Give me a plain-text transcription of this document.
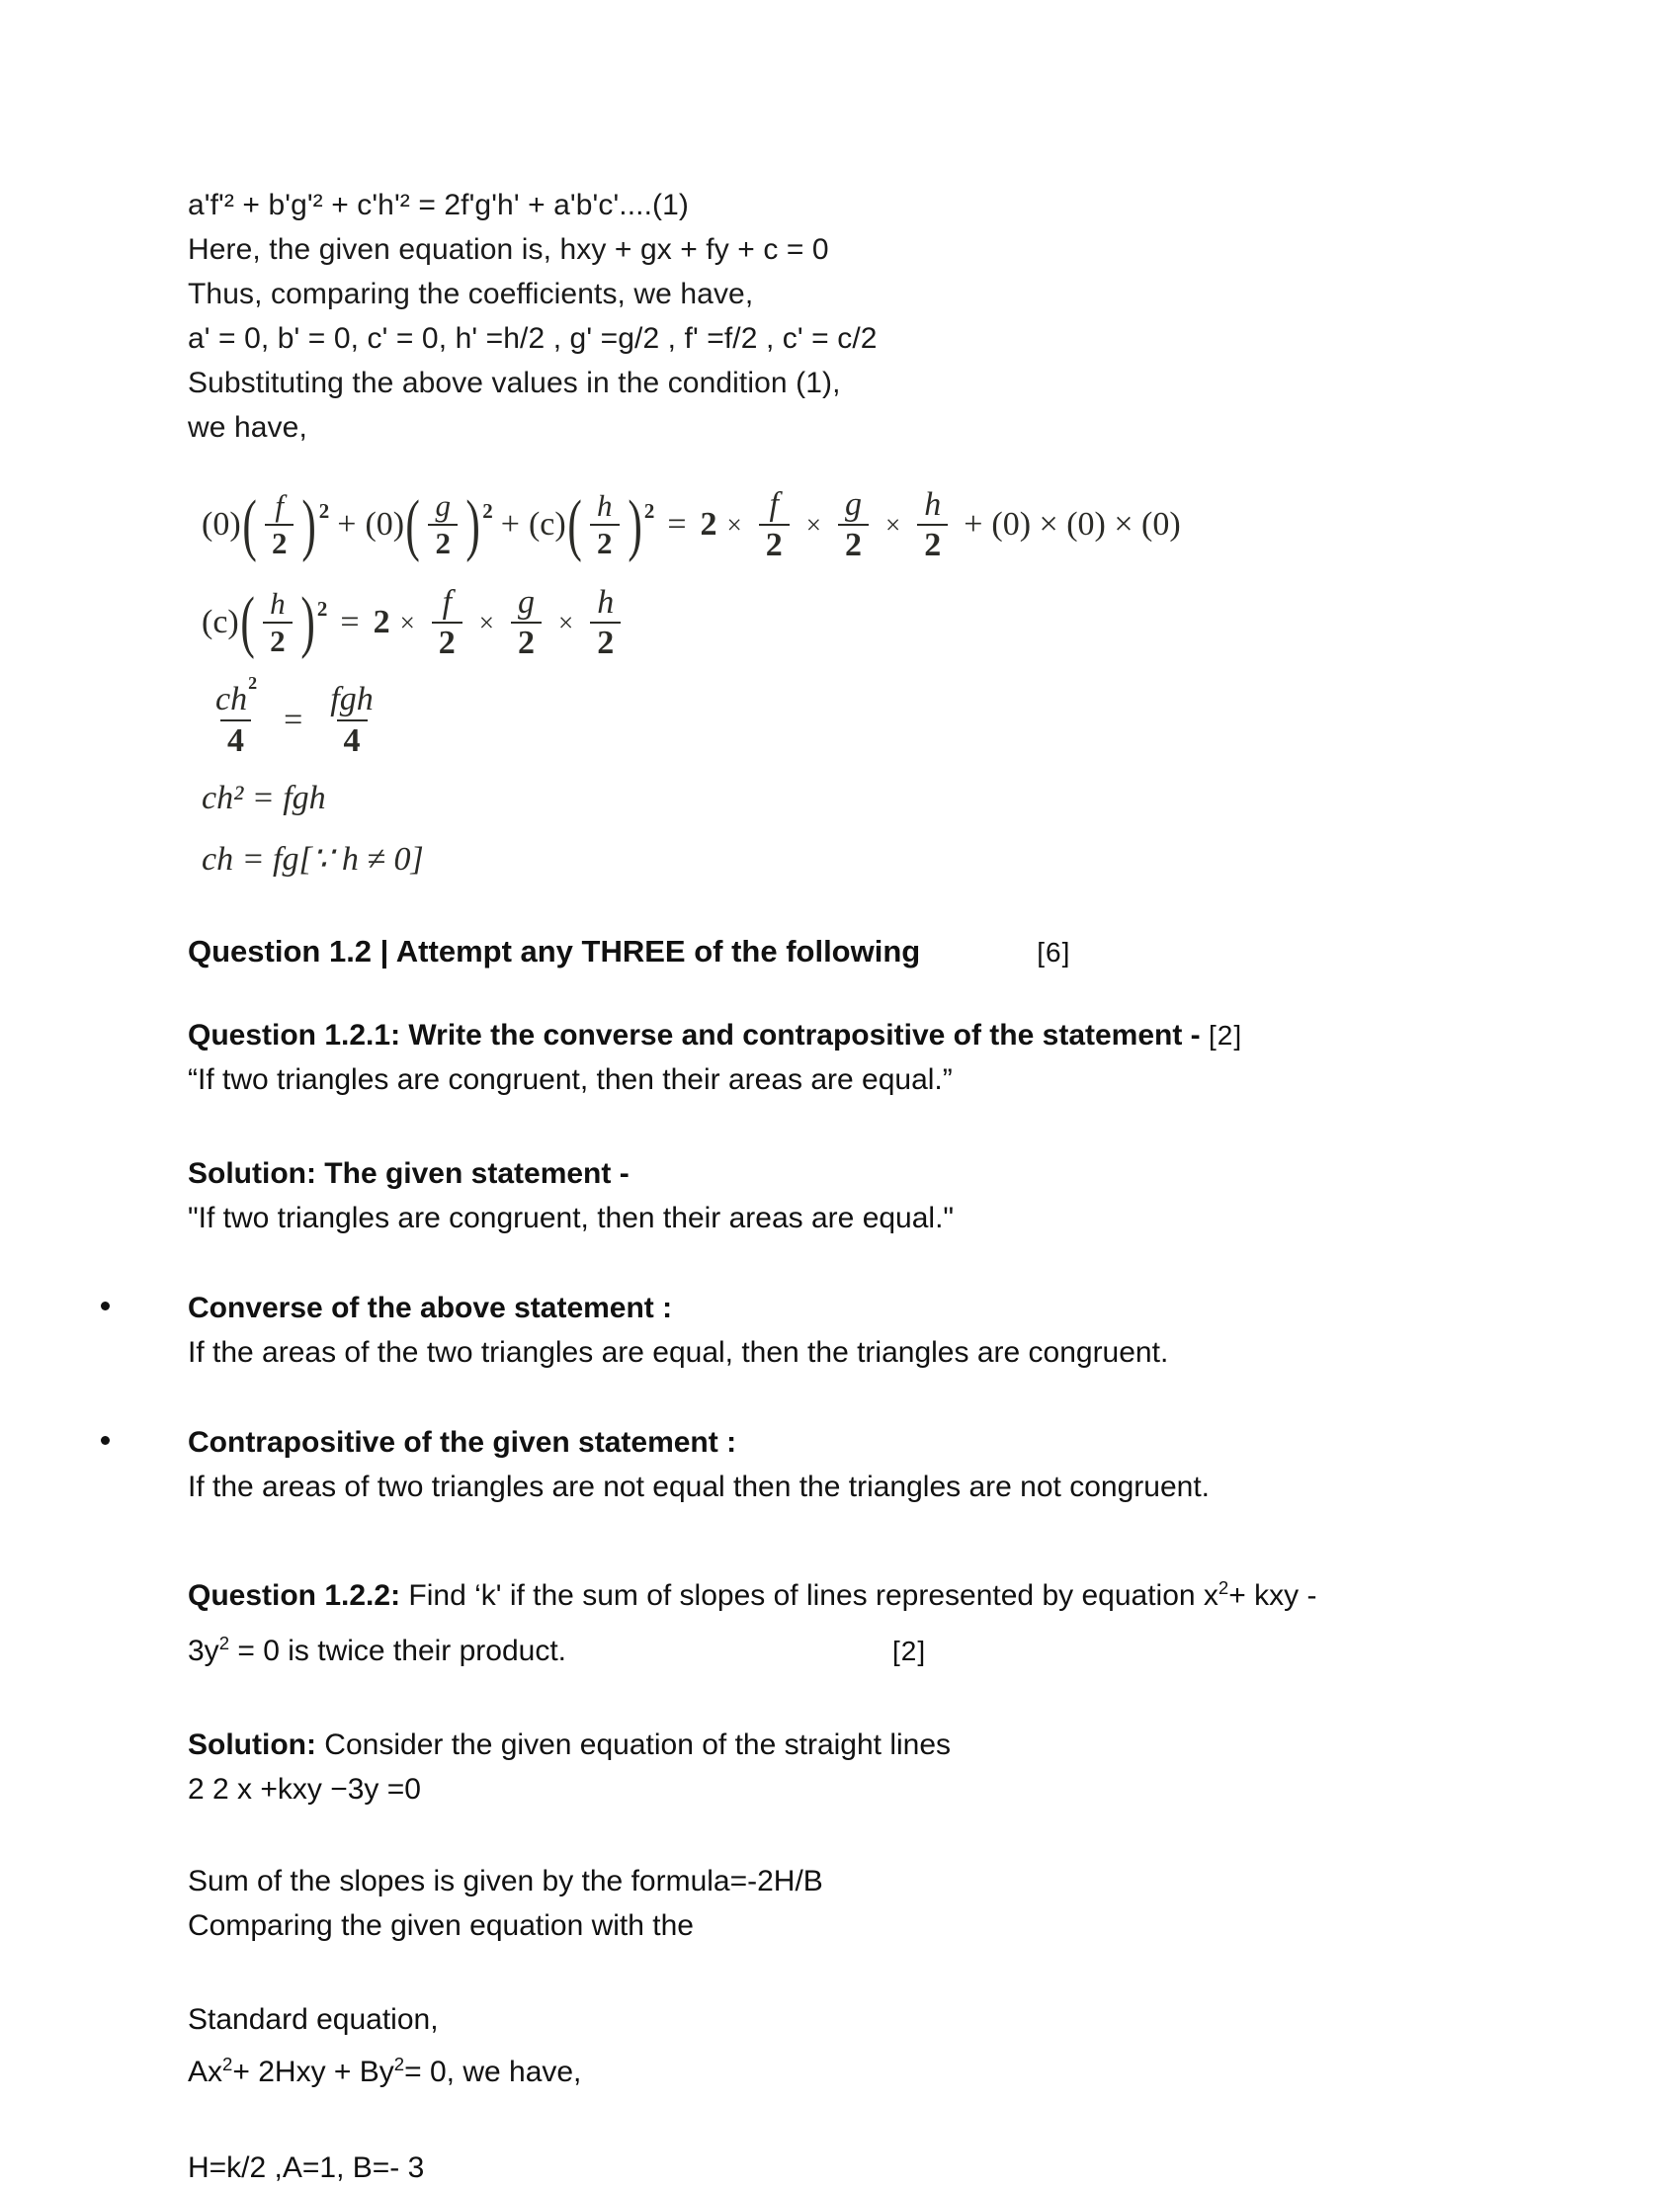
a'f'² + b'g'² + c'h'² = 2f'g'h' + a'b'c'....(1)
Here, the given equation is, hxy + gx + fy + c = 0
Thus, comparing the coefficients, we have,
a' = 0, b' = 0, c' = 0, h' =h/2 , g' =g/2 , f' =f/2 , c' = c/2
Substituting the above values in the condition (1),
we have,
(0) ( $\frac{f}{2}$ ) 2 + (0) ( $\frac{g}{2}$ ) 2 + (c) ( $\frac{h}{2}$ ) $2 = 2 \times \frac{f}{2} \times \frac{g}{2} \times \frac{h}{2} + (0) \times (0) \times (0)$
(c) ( $\frac{h}{2}$ ) $2 = 2 \times \frac{f}{2} \times \frac{g}{2} \times \frac{h}{2}$
$\frac{ch^2}{4} = \frac{\text{fgh}}{4}$
ch² = fgh
ch = fg[∵ h ≠ 0]
Question 1.2 | Attempt any THREE of the following	[6]
Question 1.2.1: Write the converse and contrapositive of the statement - [2]
“If two triangles are congruent, then their areas are equal.”
Solution: The given statement -
"If two triangles are congruent, then their areas are equal."
Converse of the above statement :
If the areas of the two triangles are equal, then the triangles are congruent.
Contrapositive of the given statement :
If the areas of two triangles are not equal then the triangles are not congruent.
Question 1.2.2: Find ‘k' if the sum of slopes of lines represented by equation $x^2+$ kxy -
$3y^2 = 0$ is twice their product.	[2]
Solution: Consider the given equation of the straight lines
2 2 x +kxy −3y =0
Sum of the slopes is given by the formula=-2H/B
Comparing the given equation with the
Standard equation,
$Ax^2+ 2Hxy + By^2= 0$, we have,
H=k/2 ,A=1, B=- 3
